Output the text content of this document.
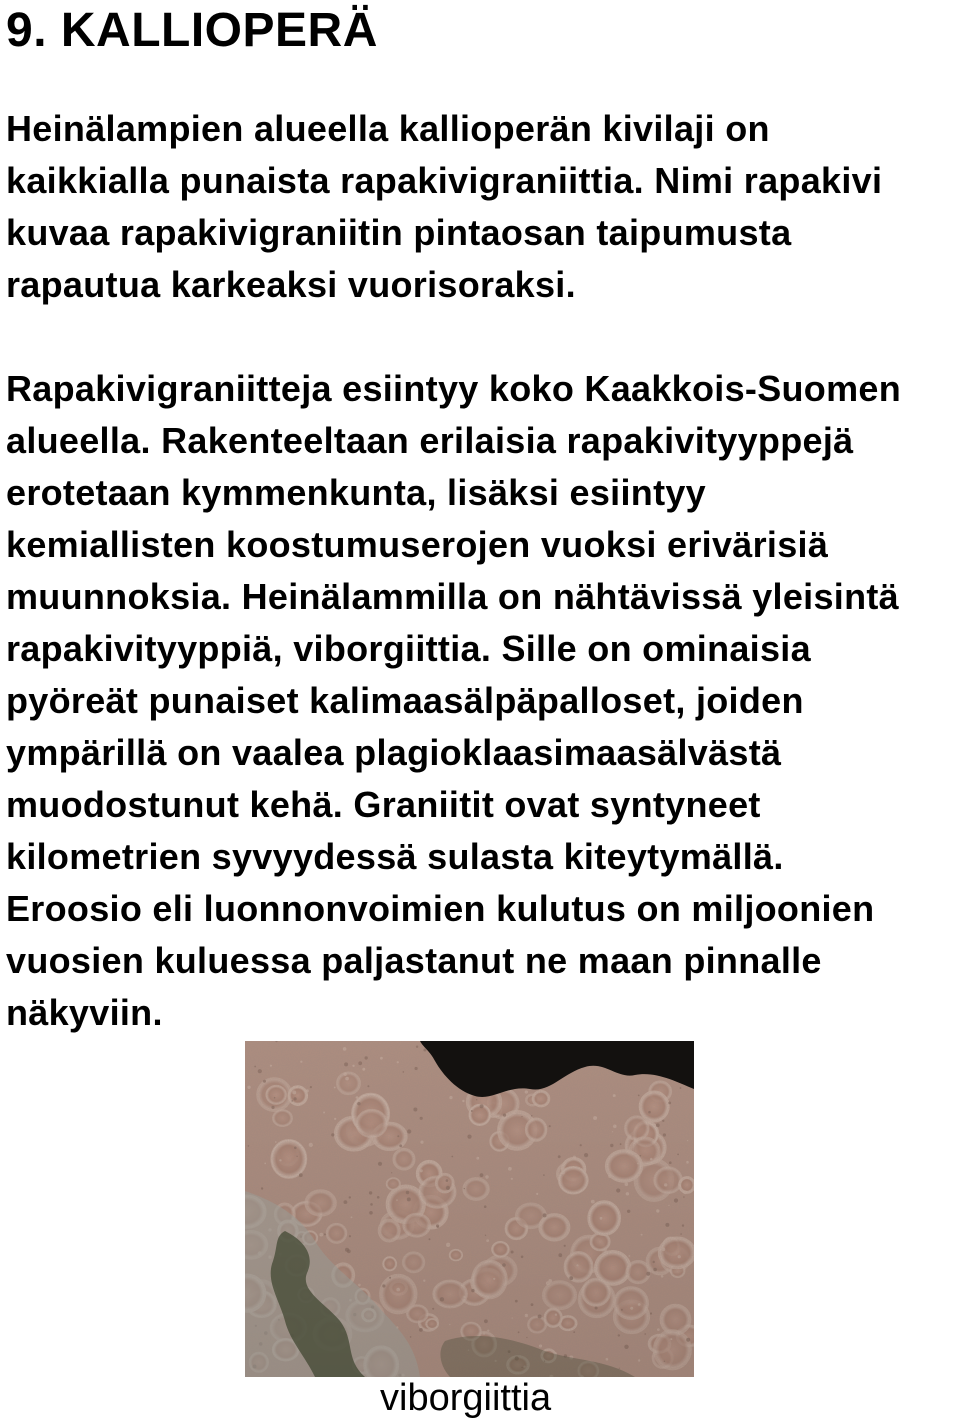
9. KALLIOPERÄ

Heinälampien alueella kallioperän kivilaji on
kaikkialla punaista rapakivigraniittia. Nimi rapakivi
kuvaa rapakivigraniitin pintaosan taipumusta
rapautua karkeaksi vuorisoraksi.

Rapakivigraniitteja esiintyy koko Kaakkois-Suomen
alueella. Rakenteeltaan erilaisia rapakivityyppejä
erotetaan kymmenkunta, lisäksi esiintyy
kemiallisten koostumuserojen vuoksi erivärisiä
muunnoksia. Heinälammilla on nähtävissä yleisintä
rapakivityyppiä, viborgiittia. Sille on ominaisia
pyöreät punaiset kalimaasälpäpalloset, joiden
ympärillä on vaalea plagioklaasimaasälvästä
muodostunut kehä. Graniitit ovat syntyneet
kilometrien syvyydessä sulasta kiteytymällä.
Eroosio eli luonnonvoimien kulutus on miljoonien
vuosien kuluessa paljastanut ne maan pinnalle
näkyviin.

viborgiittia
